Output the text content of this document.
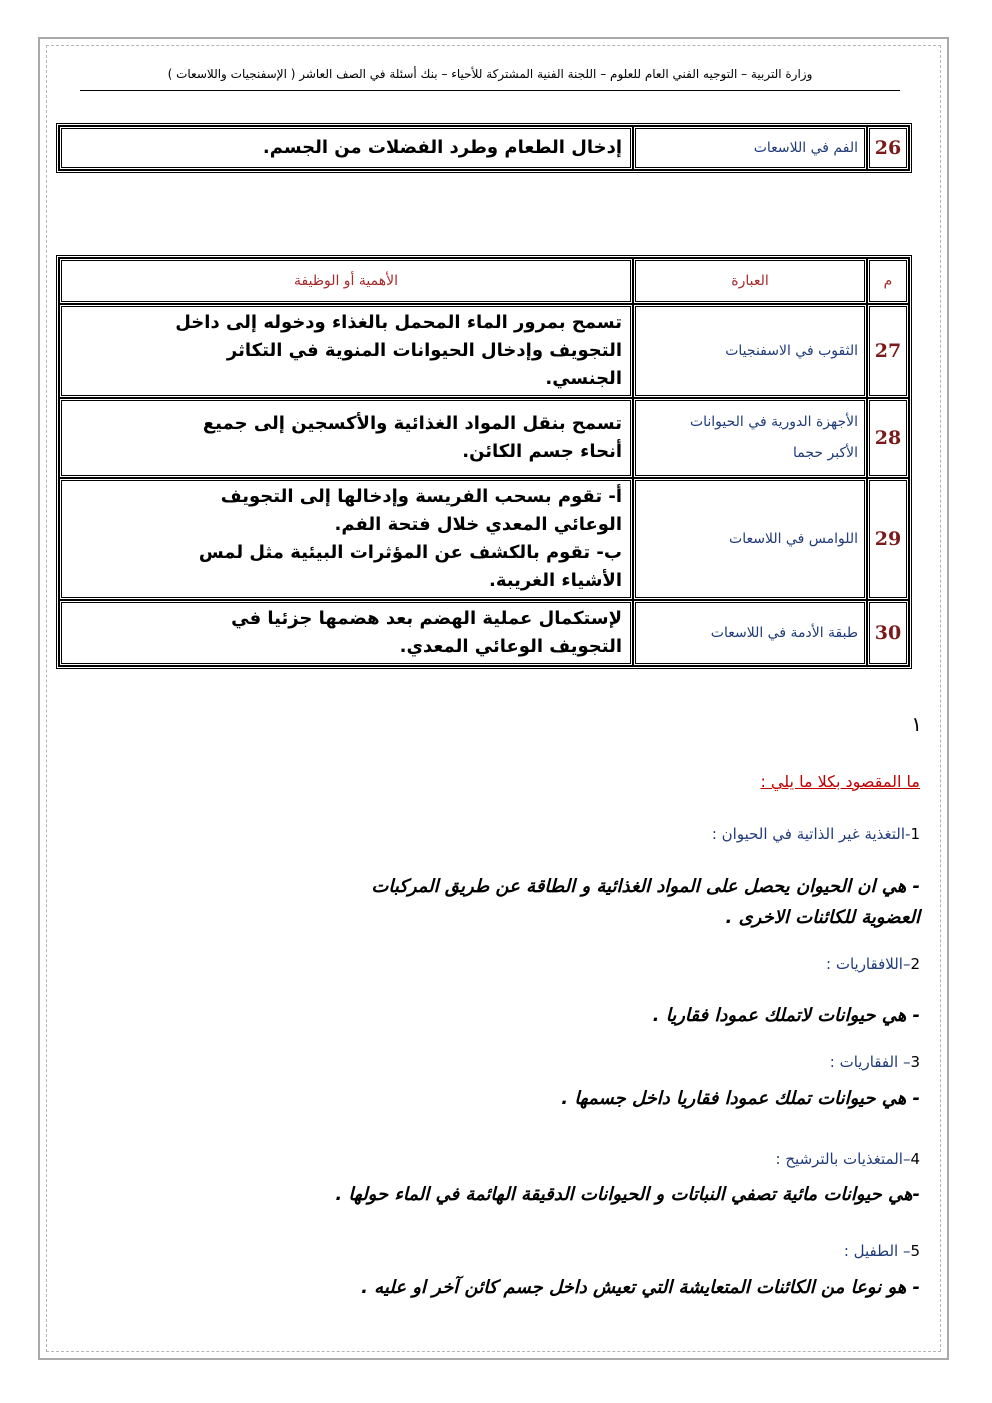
وزارة التربية – التوجيه الفني العام للعلوم – اللجنة الفنية المشتركة للأحياء – بنك أسئلة في الصف العاشر ( الإسفنجيات واللاسعات )
26	الفم في اللاسعات	إدخال الطعام وطرد الفضلات من الجسم.
م	العبارة	الأهمية أو الوظيفة
27	الثقوب في الاسفنجيات	تسمح بمرور الماء المحمل بالغذاء ودخوله إلى داخل
التجويف وإدخال الحيوانات المنوية في التكاثر
الجنسي.

28	الأجهزة الدورية في الحيوانات
الأكبر حجما	تسمح بنقل المواد الغذائية والأكسجين إلى جميع
أنحاء جسم الكائن.

29	اللوامس في اللاسعات	أ- تقوم بسحب الفريسة وإدخالها إلى التجويف
الوعائي المعدي خلال فتحة الفم.
ب- تقوم بالكشف عن المؤثرات البيئية مثل لمس
الأشياء الغريبة.

30	طبقة الأدمة في اللاسعات	لإستكمال عملية الهضم بعد هضمها جزئيا في
التجويف الوعائي المعدي.
١
ما المقصود بكلا ما يلي :
1-التغذية غير الذاتية في الحيوان :
- هي ان الحيوان يحصل على المواد الغذائية و الطاقة عن طريق المركبات
العضوية للكائنات الاخرى .
2–اللافقاريات :
- هي حيوانات لاتملك عمودا فقاريا .
3– الفقاريات :
- هي حيوانات تملك عمودا فقاريا داخل جسمها .
4–المتغذيات بالترشيح :
-هي حيوانات مائية تصفي النباتات و الحيوانات الدقيقة الهائمة في الماء حولها .
5– الطفيل :
- هو نوعا من الكائنات المتعايشة التي تعيش داخل جسم كائن آخر او عليه .
